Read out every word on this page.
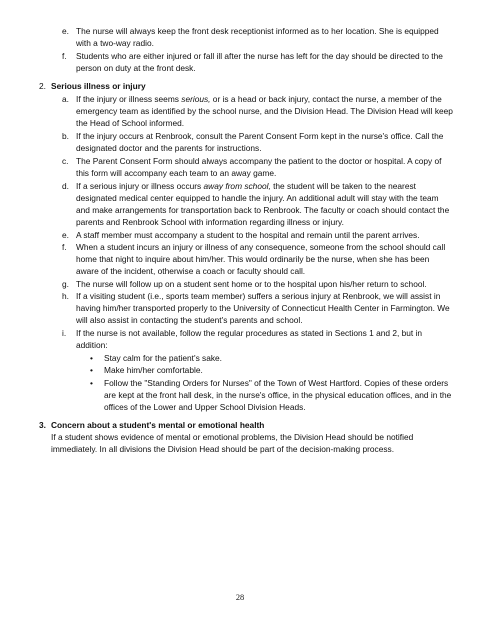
e. The nurse will always keep the front desk receptionist informed as to her location. She is equipped with a two-way radio.
f. Students who are either injured or fall ill after the nurse has left for the day should be directed to the person on duty at the front desk.
2. Serious illness or injury
a. If the injury or illness seems serious, or is a head or back injury, contact the nurse, a member of the emergency team as identified by the school nurse, and the Division Head. The Division Head will keep the Head of School informed.
b. If the injury occurs at Renbrook, consult the Parent Consent Form kept in the nurse's office. Call the designated doctor and the parents for instructions.
c. The Parent Consent Form should always accompany the patient to the doctor or hospital. A copy of this form will accompany each team to an away game.
d. If a serious injury or illness occurs away from school, the student will be taken to the nearest designated medical center equipped to handle the injury. An additional adult will stay with the team and make arrangements for transportation back to Renbrook. The faculty or coach should contact the parents and Renbrook School with information regarding illness or injury.
e. A staff member must accompany a student to the hospital and remain until the parent arrives.
f. When a student incurs an injury or illness of any consequence, someone from the school should call home that night to inquire about him/her. This would ordinarily be the nurse, when she has been aware of the incident, otherwise a coach or faculty should call.
g. The nurse will follow up on a student sent home or to the hospital upon his/her return to school.
h. If a visiting student (i.e., sports team member) suffers a serious injury at Renbrook, we will assist in having him/her transported properly to the University of Connecticut Health Center in Farmington. We will also assist in contacting the student's parents and school.
i. If the nurse is not available, follow the regular procedures as stated in Sections 1 and 2, but in addition:
• Stay calm for the patient's sake.
• Make him/her comfortable.
• Follow the "Standing Orders for Nurses" of the Town of West Hartford. Copies of these orders are kept at the front hall desk, in the nurse's office, in the physical education offices, and in the offices of the Lower and Upper School Division Heads.
3. Concern about a student's mental or emotional health
If a student shows evidence of mental or emotional problems, the Division Head should be notified immediately. In all divisions the Division Head should be part of the decision-making process.
28
